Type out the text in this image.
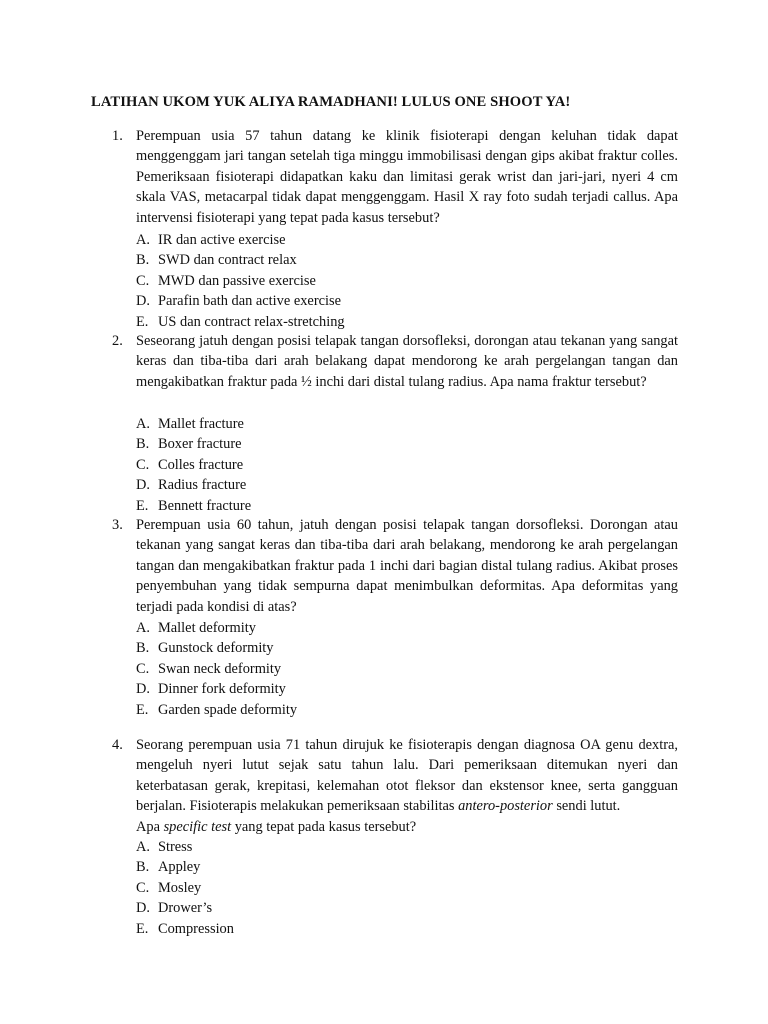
LATIHAN UKOM YUK ALIYA RAMADHANI! LULUS ONE SHOOT YA!
1. Perempuan usia 57 tahun datang ke klinik fisioterapi dengan keluhan tidak dapat menggenggam jari tangan setelah tiga minggu immobilisasi dengan gips akibat fraktur colles. Pemeriksaan fisioterapi didapatkan kaku dan limitasi gerak wrist dan jari-jari, nyeri 4 cm skala VAS, metacarpal tidak dapat menggenggam. Hasil X ray foto sudah terjadi callus. Apa intervensi fisioterapi yang tepat pada kasus tersebut?
A. IR dan active exercise
B. SWD dan contract relax
C. MWD dan passive exercise
D. Parafin bath dan active exercise
E. US dan contract relax-stretching
2. Seseorang jatuh dengan posisi telapak tangan dorsofleksi, dorongan atau tekanan yang sangat keras dan tiba-tiba dari arah belakang dapat mendorong ke arah pergelangan tangan dan mengakibatkan fraktur pada ½ inchi dari distal tulang radius. Apa nama fraktur tersebut?
A. Mallet fracture
B. Boxer fracture
C. Colles fracture
D. Radius fracture
E. Bennett fracture
3. Perempuan usia 60 tahun, jatuh dengan posisi telapak tangan dorsofleksi. Dorongan atau tekanan yang sangat keras dan tiba-tiba dari arah belakang, mendorong ke arah pergelangan tangan dan mengakibatkan fraktur pada 1 inchi dari bagian distal tulang radius. Akibat proses penyembuhan yang tidak sempurna dapat menimbulkan deformitas. Apa deformitas yang terjadi pada kondisi di atas?
A. Mallet deformity
B. Gunstock deformity
C. Swan neck deformity
D. Dinner fork deformity
E. Garden spade deformity
4. Seorang perempuan usia 71 tahun dirujuk ke fisioterapis dengan diagnosa OA genu dextra, mengeluh nyeri lutut sejak satu tahun lalu. Dari pemeriksaan ditemukan nyeri dan keterbatasan gerak, krepitasi, kelemahan otot fleksor dan ekstensor knee, serta gangguan berjalan. Fisioterapis melakukan pemeriksaan stabilitas antero-posterior sendi lutut.
Apa specific test yang tepat pada kasus tersebut?
A. Stress
B. Appley
C. Mosley
D. Drower’s
E. Compression
